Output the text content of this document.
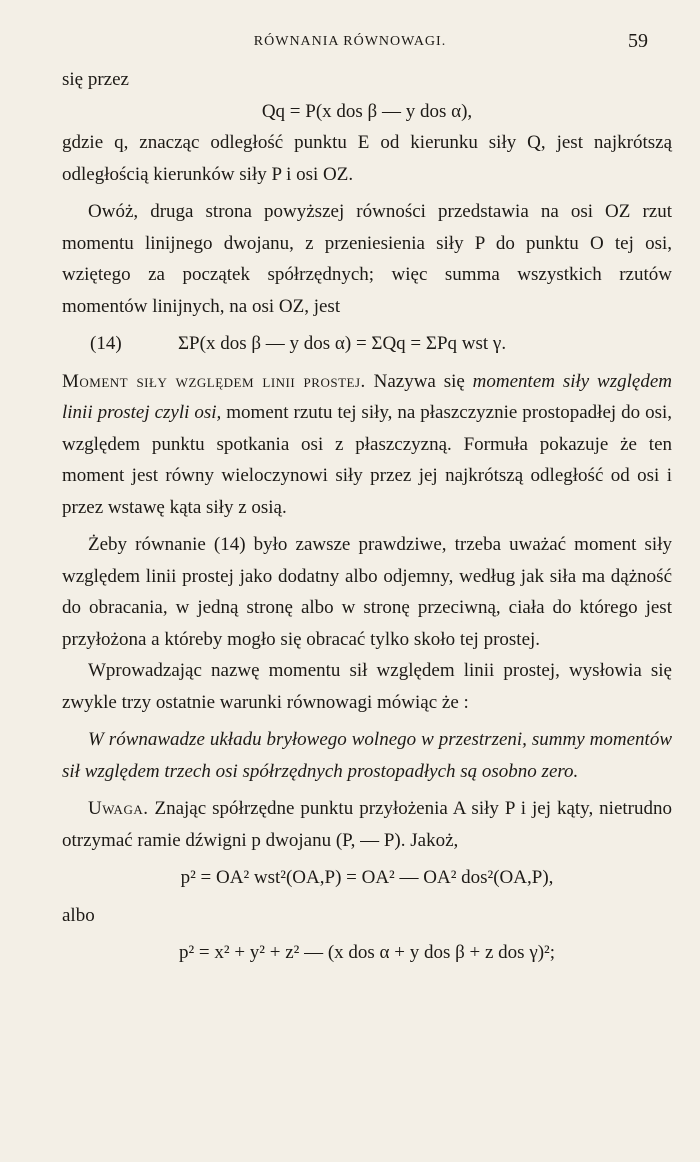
RÓWNANIA RÓWNOWAGI.	59

się przez

Qq = P(x dos β — y dos α),

gdzie q, znacząc odległość punktu E od kierunku siły Q, jest najkrótszą odległością kierunków siły P i osi OZ.

Owóż, druga strona powyższej równości przedstawia na osi OZ rzut momentu linijnego dwojanu, z przeniesienia siły P do punktu O tej osi, wziętego za początek spółrzędnych; więc summa wszystkich rzutów momentów linijnych, na osi OZ, jest

(14)	ΣP(x dos β — y dos α) = ΣQq = ΣPq wst γ.

Moment siły względem linii prostej. Nazywa się momentem siły względem linii prostej czyli osi, moment rzutu tej siły, na płaszczyznie prostopadłej do osi, względem punktu spotkania osi z płaszczyzną. Formuła pokazuje że ten moment jest równy wieloczynowi siły przez jej najkrótszą odległość od osi i przez wstawę kąta siły z osią.

Żeby równanie (14) było zawsze prawdziwe, trzeba uważać moment siły względem linii prostej jako dodatny albo odjemny, według jak siła ma dążność do obracania, w jedną stronę albo w stronę przeciwną, ciała do którego jest przyłożona a któreby mogło się obracać tylko skoło tej prostej.

Wprowadzając nazwę momentu sił względem linii prostej, wysłowia się zwykle trzy ostatnie warunki równowagi mówiąc że :

W równawadze układu bryłowego wolnego w przestrzeni, summy momentów sił względem trzech osi spółrzędnych prostopadłych są osobno zero.

Uwaga. Znając spółrzędne punktu przyłożenia A siły P i jej kąty, nietrudno otrzymać ramie dźwigni p dwojanu (P, — P). Jakoż,

p² = OA² wst²(OA,P) = OA² — OA² dos²(OA,P),

albo

p² = x² + y² + z² — (x dos α + y dos β + z dos γ)²;
